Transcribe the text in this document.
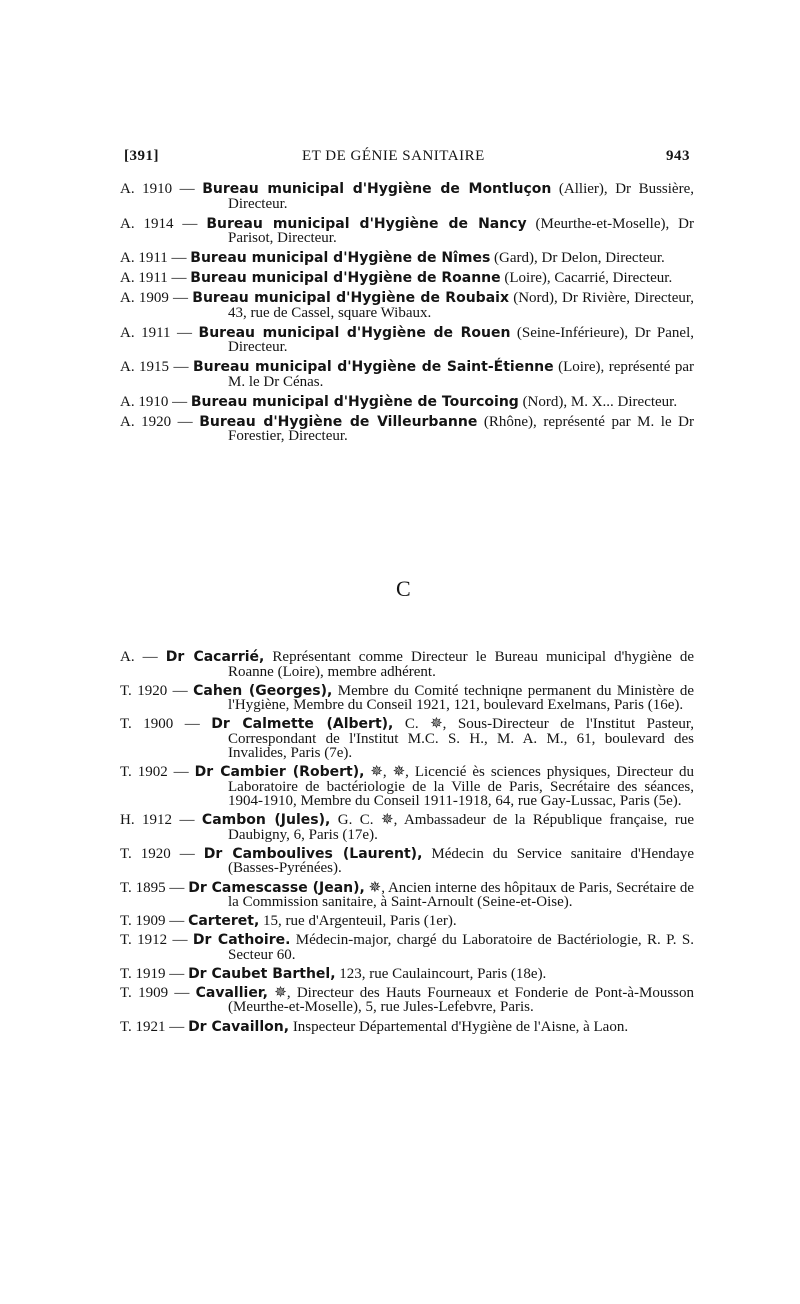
[391]	ET DE GÉNIE SANITAIRE	943
A. 1910 — Bureau municipal d'Hygiène de Montluçon (Allier), Dr Bussière, Directeur.
A. 1914 — Bureau municipal d'Hygiène de Nancy (Meurthe-et-Moselle), Dr Parisot, Directeur.
A. 1911 — Bureau municipal d'Hygiène de Nîmes (Gard), Dr Delon, Directeur.
A. 1911 — Bureau municipal d'Hygiène de Roanne (Loire), Cacarrié, Directeur.
A. 1909 — Bureau municipal d'Hygiène de Roubaix (Nord), Dr Rivière, Directeur, 43, rue de Cassel, square Wibaux.
A. 1911 — Bureau municipal d'Hygiène de Rouen (Seine-Inférieure), Dr Panel, Directeur.
A. 1915 — Bureau municipal d'Hygiène de Saint-Étienne (Loire), représenté par M. le Dr Cénas.
A. 1910 — Bureau municipal d'Hygiène de Tourcoing (Nord), M. X... Directeur.
A. 1920 — Bureau d'Hygiène de Villeurbanne (Rhône), représenté par M. le Dr Forestier, Directeur.
C
A. — Dr Cacarrié, Représentant comme Directeur le Bureau municipal d'hygiène de Roanne (Loire), membre adhérent.
T. 1920 — Cahen (Georges), Membre du Comité techniqne permanent du Ministère de l'Hygiène, Membre du Conseil 1921, 121, boulevard Exelmans, Paris (16e).
T. 1900 — Dr Calmette (Albert), C. ✵, Sous-Directeur de l'Institut Pasteur, Correspondant de l'Institut M.C. S. H., M. A. M., 61, boulevard des Invalides, Paris (7e).
T. 1902 — Dr Cambier (Robert), ✵, ✵, Licencié ès sciences physiques, Directeur du Laboratoire de bactériologie de la Ville de Paris, Secrétaire des séances, 1904-1910, Membre du Conseil 1911-1918, 64, rue Gay-Lussac, Paris (5e).
H. 1912 — Cambon (Jules), G. C. ✵, Ambassadeur de la République française, rue Daubigny, 6, Paris (17e).
T. 1920 — Dr Camboulives (Laurent), Médecin du Service sanitaire d'Hendaye (Basses-Pyrénées).
T. 1895 — Dr Camescasse (Jean), ✵, Ancien interne des hôpitaux de Paris, Secrétaire de la Commission sanitaire, à Saint-Arnoult (Seine-et-Oise).
T. 1909 — Carteret, 15, rue d'Argenteuil, Paris (1er).
T. 1912 — Dr Cathoire. Médecin-major, chargé du Laboratoire de Bactériologie, R. P. S. Secteur 60.
T. 1919 — Dr Caubet Barthel, 123, rue Caulaincourt, Paris (18e).
T. 1909 — Cavallier, ✵, Directeur des Hauts Fourneaux et Fonderie de Pont-à-Mousson (Meurthe-et-Moselle), 5, rue Jules-Lefebvre, Paris.
T. 1921 — Dr Cavaillon, Inspecteur Départemental d'Hygiène de l'Aisne, à Laon.
